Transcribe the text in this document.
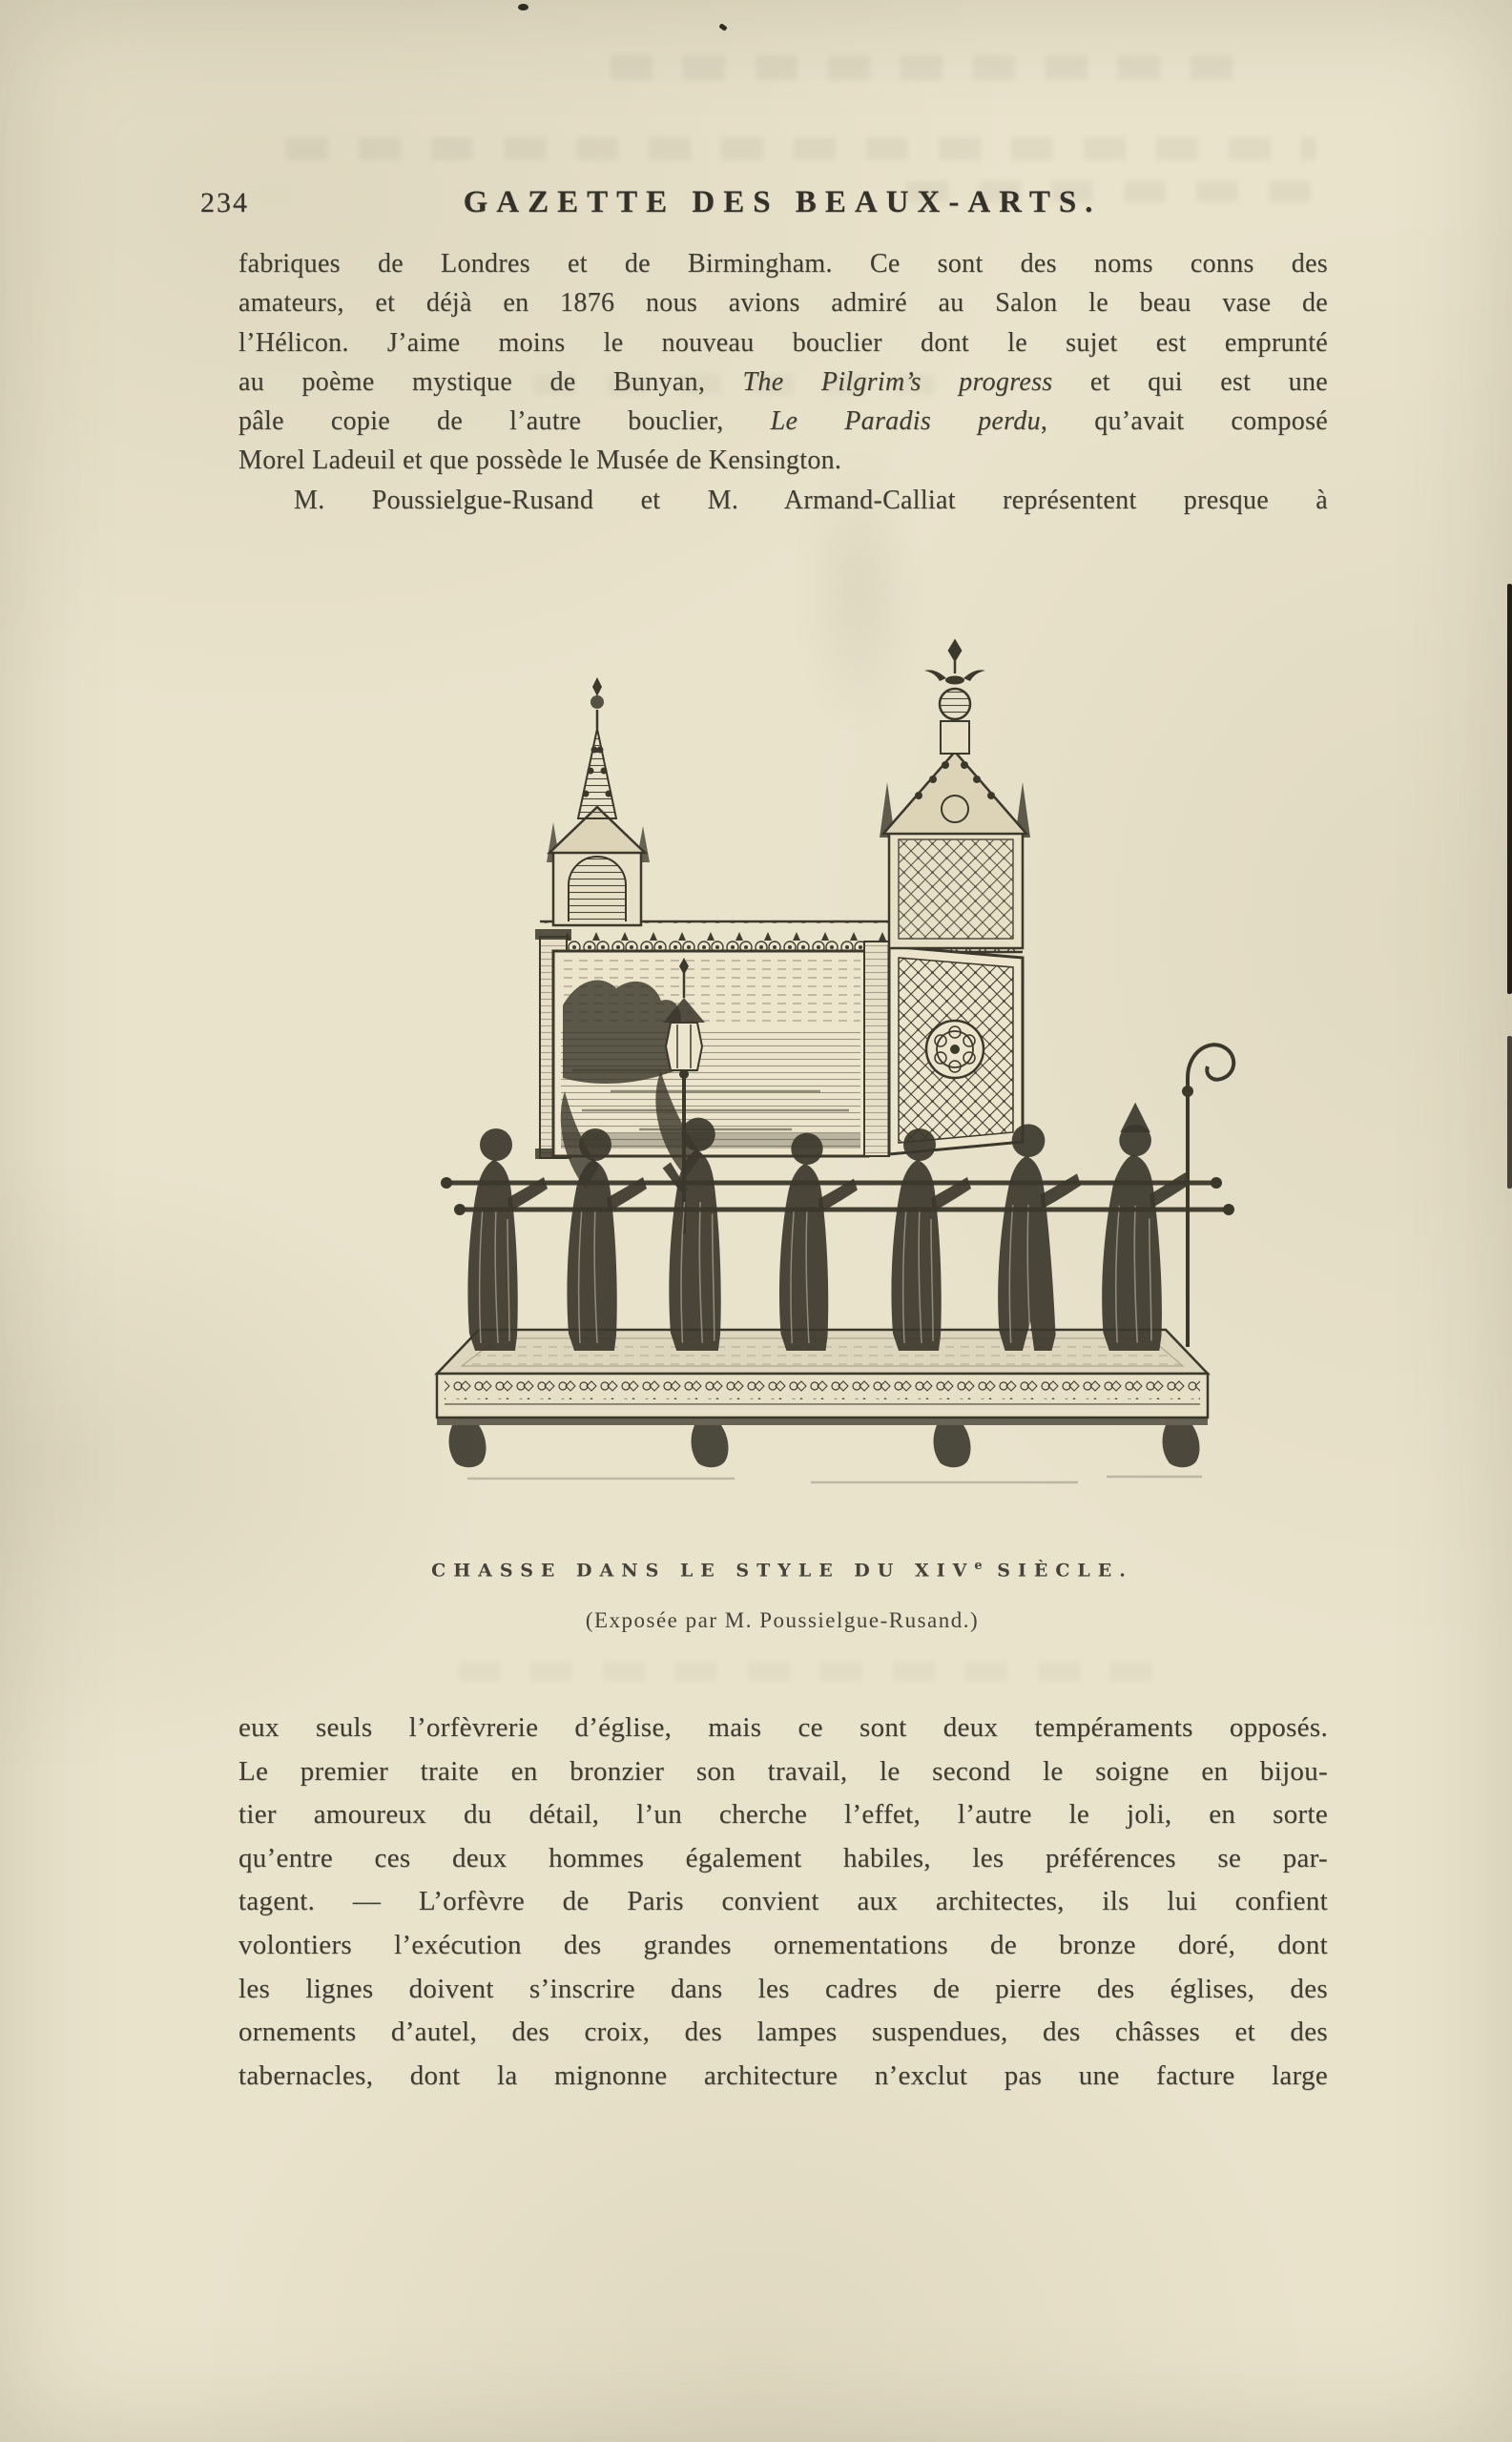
234	GAZETTE DES BEAUX-ARTS.
fabriques de Londres et de Birmingham. Ce sont des noms conns des
amateurs, et déjà en 1876 nous avions admiré au Salon le beau vase de
l’Hélicon. J’aime moins le nouveau bouclier dont le sujet est emprunté
au poème mystique de Bunyan, The Pilgrim’s progress et qui est une
pâle copie de l’autre bouclier, Le Paradis perdu, qu’avait composé
Morel Ladeuil et que possède le Musée de Kensington.
M. Poussielgue-Rusand et M. Armand-Calliat représentent presque à
CHASSE DANS LE STYLE DU XIVe SIÈCLE.
(Exposée par M. Poussielgue-Rusand.)
eux seuls l’orfèvrerie d’église, mais ce sont deux tempéraments opposés.
Le premier traite en bronzier son travail, le second le soigne en bijou-
tier amoureux du détail, l’un cherche l’effet, l’autre le joli, en sorte
qu’entre ces deux hommes également habiles, les préférences se par-
tagent. — L’orfèvre de Paris convient aux architectes, ils lui confient
volontiers l’exécution des grandes ornementations de bronze doré, dont
les lignes doivent s’inscrire dans les cadres de pierre des églises, des
ornements d’autel, des croix, des lampes suspendues, des châsses et des
tabernacles, dont la mignonne architecture n’exclut pas une facture large
